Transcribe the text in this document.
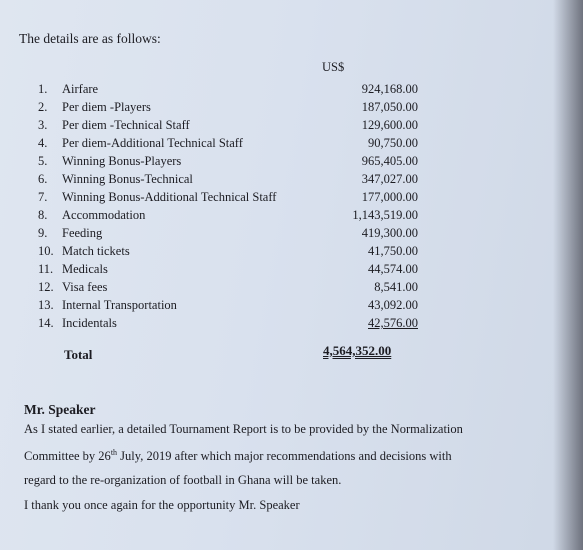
The details are as follows:
US$
1.	Airfare	924,168.00
2.	Per diem -Players	187,050.00
3.	Per diem -Technical Staff	129,600.00
4.	Per diem-Additional Technical Staff	90,750.00
5.	Winning Bonus-Players	965,405.00
6.	Winning Bonus-Technical	347,027.00
7.	Winning Bonus-Additional Technical Staff	177,000.00
8.	Accommodation	1,143,519.00
9.	Feeding	419,300.00
10. Match tickets	41,750.00
11. Medicals	44,574.00
12. Visa fees	8,541.00
13. Internal Transportation	43,092.00
14. Incidentals	42,576.00
Total	4,564,352.00
Mr. Speaker
As I stated earlier, a detailed Tournament Report is to be provided by the Normalization
Committee by 26th July, 2019 after which major recommendations and decisions with
regard to the re-organization of football in Ghana will be taken.
I thank you once again for the opportunity Mr. Speaker
